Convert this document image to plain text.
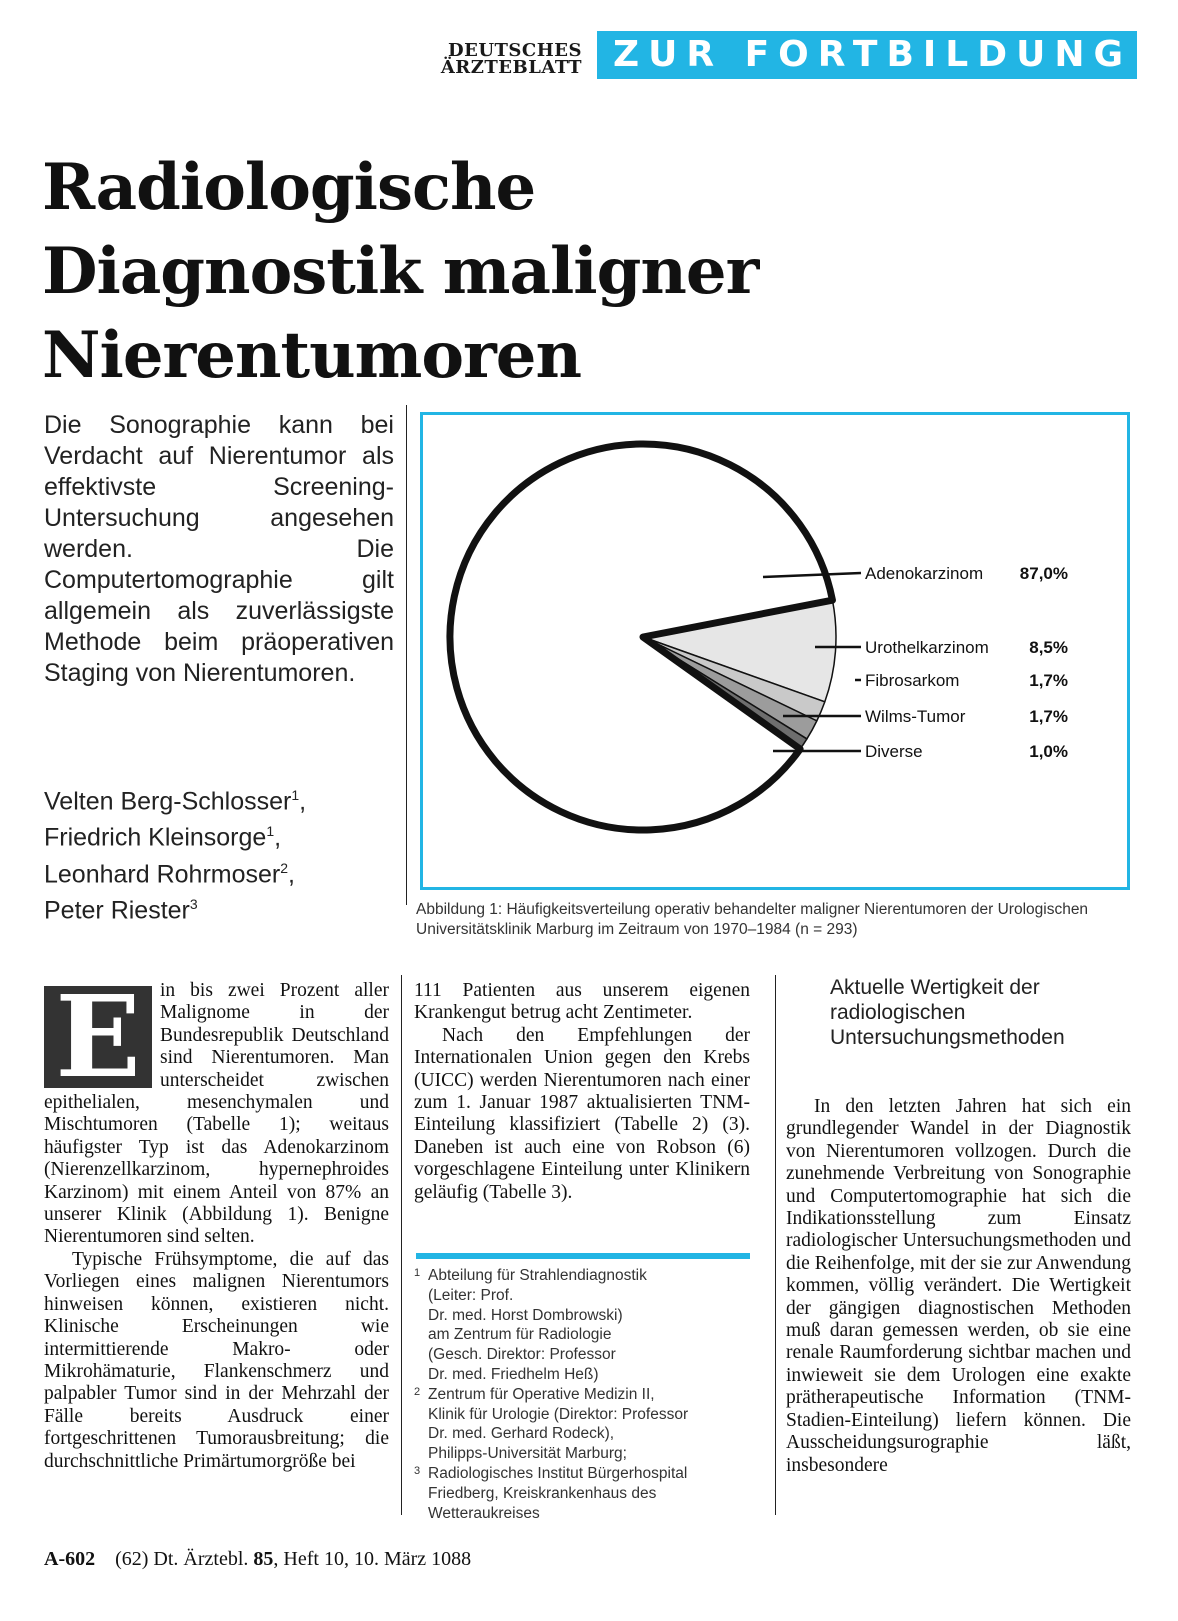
DEUTSCHES
ÄRZTEBLATT ZUR FORTBILDUNG
Radiologische
Diagnostik maligner
Nierentumoren
Die Sonographie kann bei Verdacht auf Nierentumor als effektivste Screening-Untersuchung angesehen werden. Die Computertomographie gilt allgemein als zuverlässigste Methode beim präoperativen Staging von Nierentumoren.
Velten Berg-Schlosser$^1$,
Friedrich Kleinsorge$^1$,
Leonhard Rohrmoser$^2$,
Peter Riester$^3$
Adenokarzinom 87,0%
Urothelkarzinom 8,5%
Fibrosarkom	1,7%
Wilms-Tumor	1,7%
Diverse	1,0%
Abbildung 1: Häufigkeitsverteilung operativ behandelter maligner Nierentumoren der Urologischen Universitätsklinik Marburg im Zeitraum von 1970–1984 (n = 293)
E in bis zwei Prozent aller Malignome in der Bundesrepublik Deutschland sind Nierentumoren. Man unterscheidet zwischen epithelialen, mesenchymalen und Mischtumoren (Tabelle 1); weitaus häufigster Typ ist das Adenokarzinom (Nierenzellkarzinom, hypernephroides Karzinom) mit einem Anteil von 87% an unserer Klinik (Abbildung 1). Benigne Nierentumoren sind selten.

Typische Frühsymptome, die auf das Vorliegen eines malignen Nierentumors hinweisen können, existieren nicht. Klinische Erscheinungen wie intermittierende Makro- oder Mikrohämaturie, Flankenschmerz und palpabler Tumor sind in der Mehrzahl der Fälle bereits Ausdruck einer fortgeschrittenen Tumorausbreitung; die durchschnittliche Primärtumorgröße bei

111 Patienten aus unserem eigenen Krankengut betrug acht Zentimeter.

Nach den Empfehlungen der Internationalen Union gegen den Krebs (UICC) werden Nierentumoren nach einer zum 1. Januar 1987 aktualisierten TNM-Einteilung klassifiziert (Tabelle 2) (3). Daneben ist auch eine von Robson (6) vorgeschlagene Einteilung unter Klinikern geläufig (Tabelle 3).

1 Abteilung für Strahlendiagnostik
(Leiter: Prof.
Dr. med. Horst Dombrowski)
am Zentrum für Radiologie
(Gesch. Direktor: Professor
Dr. med. Friedhelm Heß)
2 Zentrum für Operative Medizin II,
Klinik für Urologie (Direktor: Professor
Dr. med. Gerhard Rodeck),
Philipps-Universität Marburg;
3 Radiologisches Institut Bürgerhospital
Friedberg, Kreiskrankenhaus des
Wetteraukreises
Aktuelle Wertigkeit der radiologischen Untersuchungsmethoden

In den letzten Jahren hat sich ein grundlegender Wandel in der Diagnostik von Nierentumoren vollzogen. Durch die zunehmende Verbreitung von Sonographie und Computertomographie hat sich die Indikationsstellung zum Einsatz radiologischer Untersuchungsmethoden und die Reihenfolge, mit der sie zur Anwendung kommen, völlig verändert. Die Wertigkeit der gängigen diagnostischen Methoden muß daran gemessen werden, ob sie eine renale Raumforderung sichtbar machen und inwieweit sie dem Urologen eine exakte prätherapeutische Information (TNM-Stadien-Einteilung) liefern können. Die Ausscheidungsurographie läßt, insbesondere

A-602 (62) Dt. Ärztebl. 85, Heft 10, 10. März 1088
